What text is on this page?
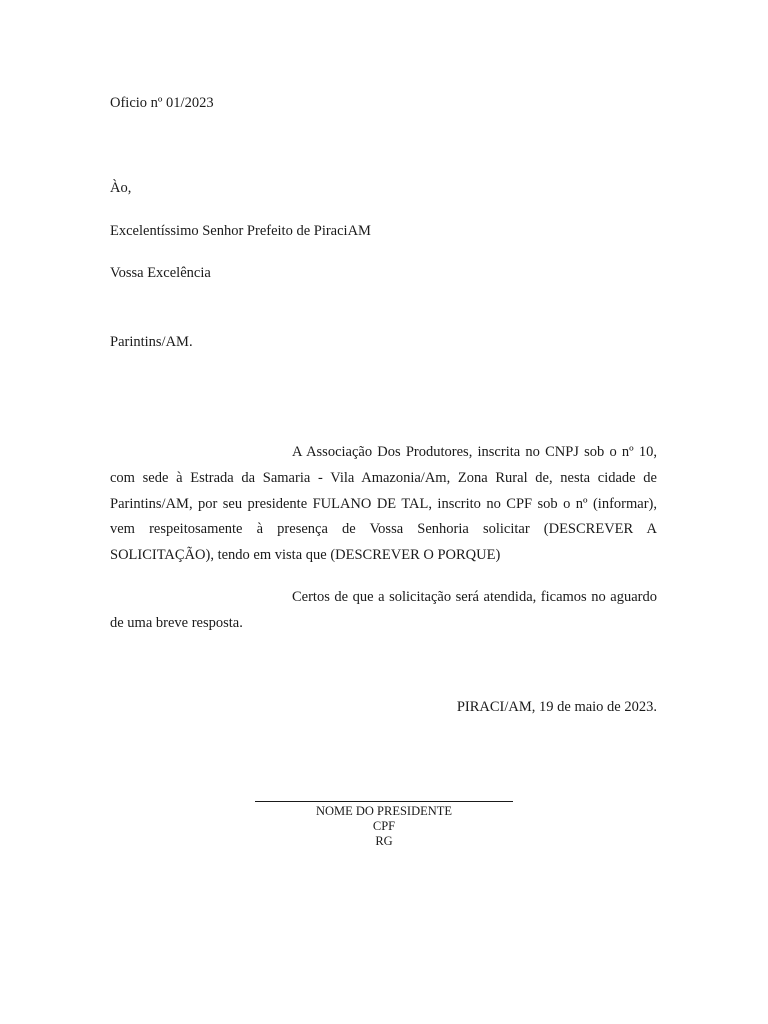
Oficio nº 01/2023
Ào,
Excelentíssimo Senhor Prefeito de PiraciAM
Vossa Excelência
Parintins/AM.
A Associação Dos Produtores, inscrita no CNPJ sob o nº 10, com sede à Estrada da Samaria - Vila Amazonia/Am, Zona Rural de, nesta cidade de Parintins/AM, por seu presidente FULANO DE TAL, inscrito no CPF sob o nº (informar), vem respeitosamente à presença de Vossa Senhoria solicitar (DESCREVER A SOLICITAÇÃO), tendo em vista que (DESCREVER O PORQUE)
Certos de que a solicitação será atendida, ficamos no aguardo de uma breve resposta.
PIRACI/AM, 19 de maio de 2023.
NOME DO PRESIDENTE
CPF
RG
